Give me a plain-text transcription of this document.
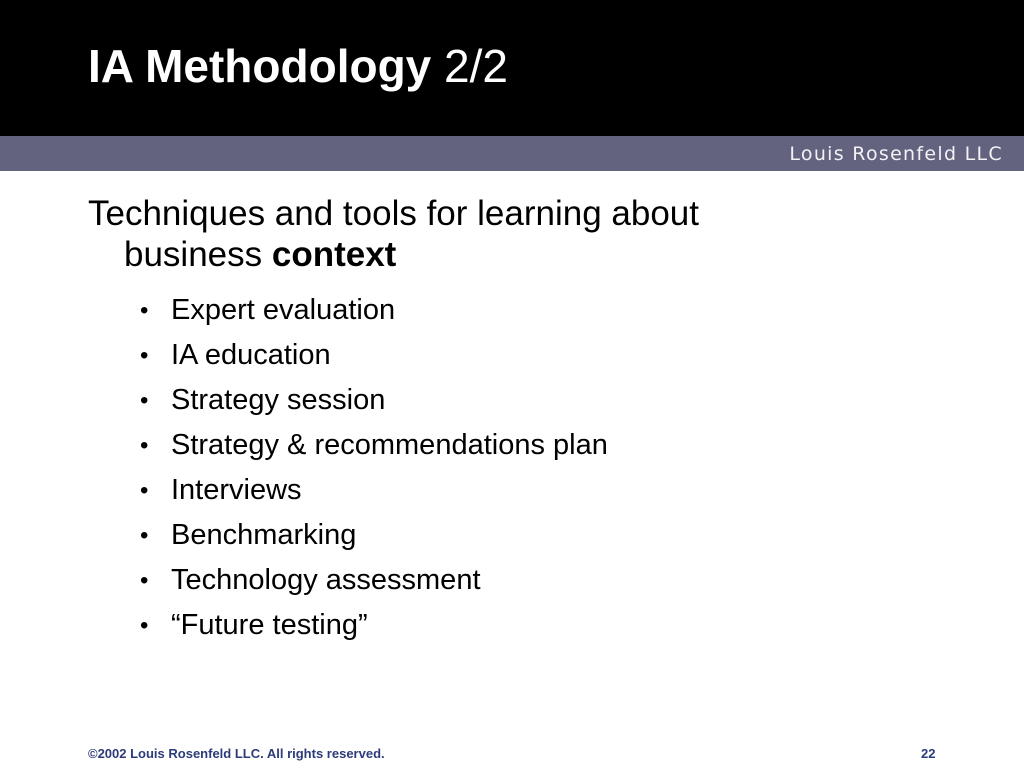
IA Methodology 2/2
Louis Rosenfeld LLC

Techniques and tools for learning about business context

• Expert evaluation
• IA education
• Strategy session
• Strategy & recommendations plan
• Interviews
• Benchmarking
• Technology assessment
• “Future testing”
©2002 Louis Rosenfeld LLC. All rights reserved.	22
